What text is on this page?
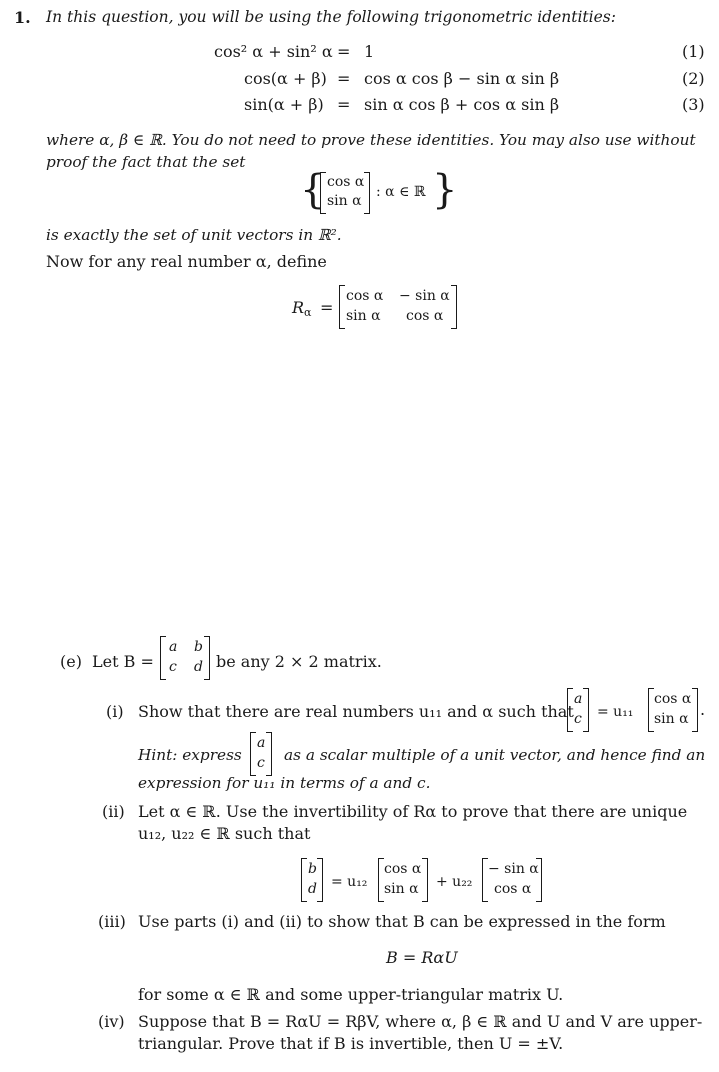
1. In this question, you will be using the following trigonometric identities:
cos² α + sin² α = 1	(1)
cos(α + β) = cos α cos β − sin α sin β	(2)
sin(α + β) = sin α cos β + cos α sin β	(3)
where α, β ∈ ℝ. You do not need to prove these identities. You may also use without
proof the fact that the set
{ cos α
sin α
: α ∈ ℝ }
is exactly the set of unit vectors in ℝ².
Now for any real number α, define
$R_\alpha$ =
cos α − sin α
sin α cos α
(e) Let B =
a b
c d be any 2 × 2 matrix.
(i) Show that there are real numbers u₁₁ and α such that
a
c = u₁₁
cos α
sin α .
Hint: express
a
c as a scalar multiple of a unit vector, and hence find an
expression for u₁₁ in terms of a and c.
(ii) Let α ∈ ℝ. Use the invertibility of Rα to prove that there are unique
u₁₂, u₂₂ ∈ ℝ such that
b
d = u₁₂
cos α
sin α + u₂₂
− sin α
cos α
(iii) Use parts (i) and (ii) to show that B can be expressed in the form
B = RαU
for some α ∈ ℝ and some upper-triangular matrix U.
(iv) Suppose that B = RαU = RβV, where α, β ∈ ℝ and U and V are upper-
triangular. Prove that if B is invertible, then U = ±V.
